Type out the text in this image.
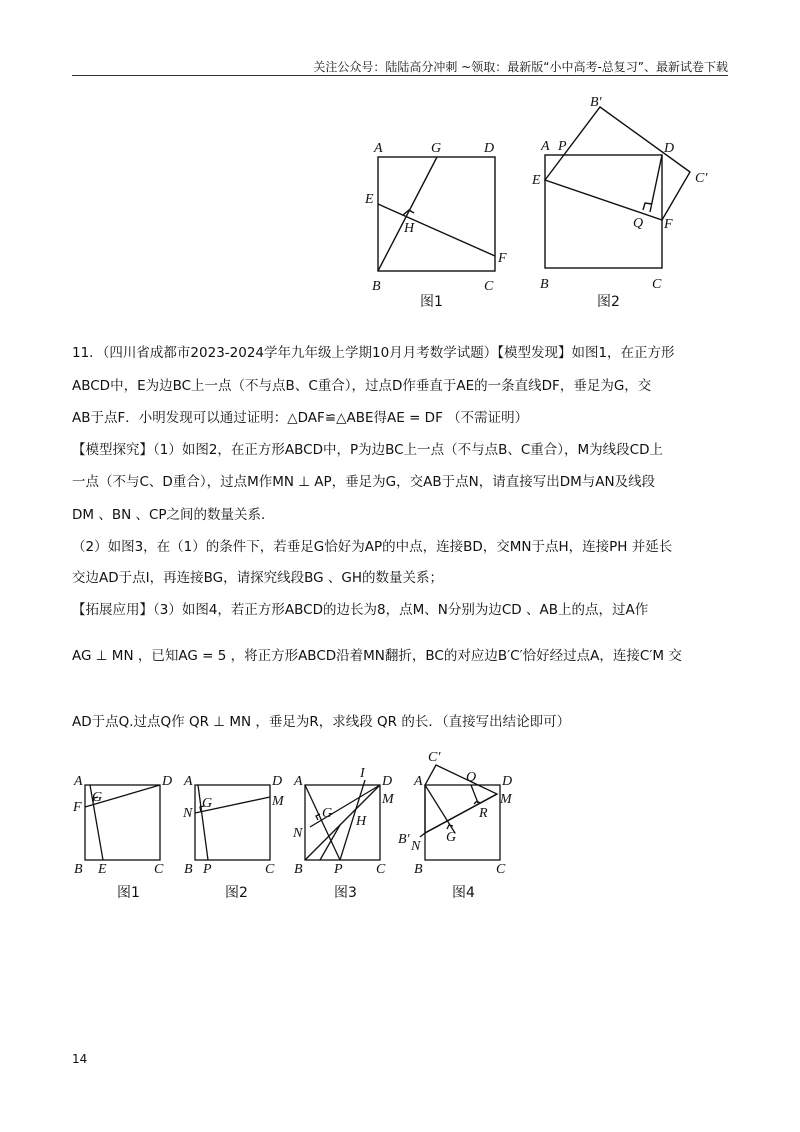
关注公众号：陆陆高分冲刺 ~领取：最新版“小中高考-总复习”、最新试卷下载
A	G	D
E
H
F
B	C
图1
B′
A P	D
C′
E
Q F
B	C
图2
11．（四川省成都市2023-2024学年九年级上学期10月月考数学试题）【模型发现】如图1，在正方形
ABCD中，E为边BC上一点（不与点B、C重合），过点D作垂直于AE的一条直线DF，垂足为G，交
AB于点F．小明发现可以通过证明：△DAF≌△ABE得AE = DF （不需证明）
【模型探究】（1）如图2，在正方形ABCD中，P为边BC上一点（不与点B、C重合），M为线段CD上
一点（不与C、D重合），过点M作MN ⊥ AP，垂足为G，交AB于点N，请直接写出DM与AN及线段
DM 、BN 、CP之间的数量关系．
（2）如图3，在（1）的条件下，若垂足G恰好为AP的中点，连接BD，交MN于点H，连接PH 并延长
交边AD于点I，再连接BG，请探究线段BG 、GH的数量关系；
【拓展应用】（3）如图4，若正方形ABCD的边长为8，点M、N分别为边CD 、AB上的点，过A作
AG ⊥ MN ，已知AG = 5 ，将正方形ABCD沿着MN翻折，BC的对应边B′C′恰好经过点A，连接C′M 交
AD于点Q.过点Q作 QR ⊥ MN ，垂足为R，求线段 QR 的长．（直接写出结论即可）
A	D
F
G
B E	C
图1
A	D
G	M
N
B P	C
图2
A
I
D
M
G
N
H
B P C
图3
C′
A	Q D
M
R
G
B′ N
B	C
图4
14
